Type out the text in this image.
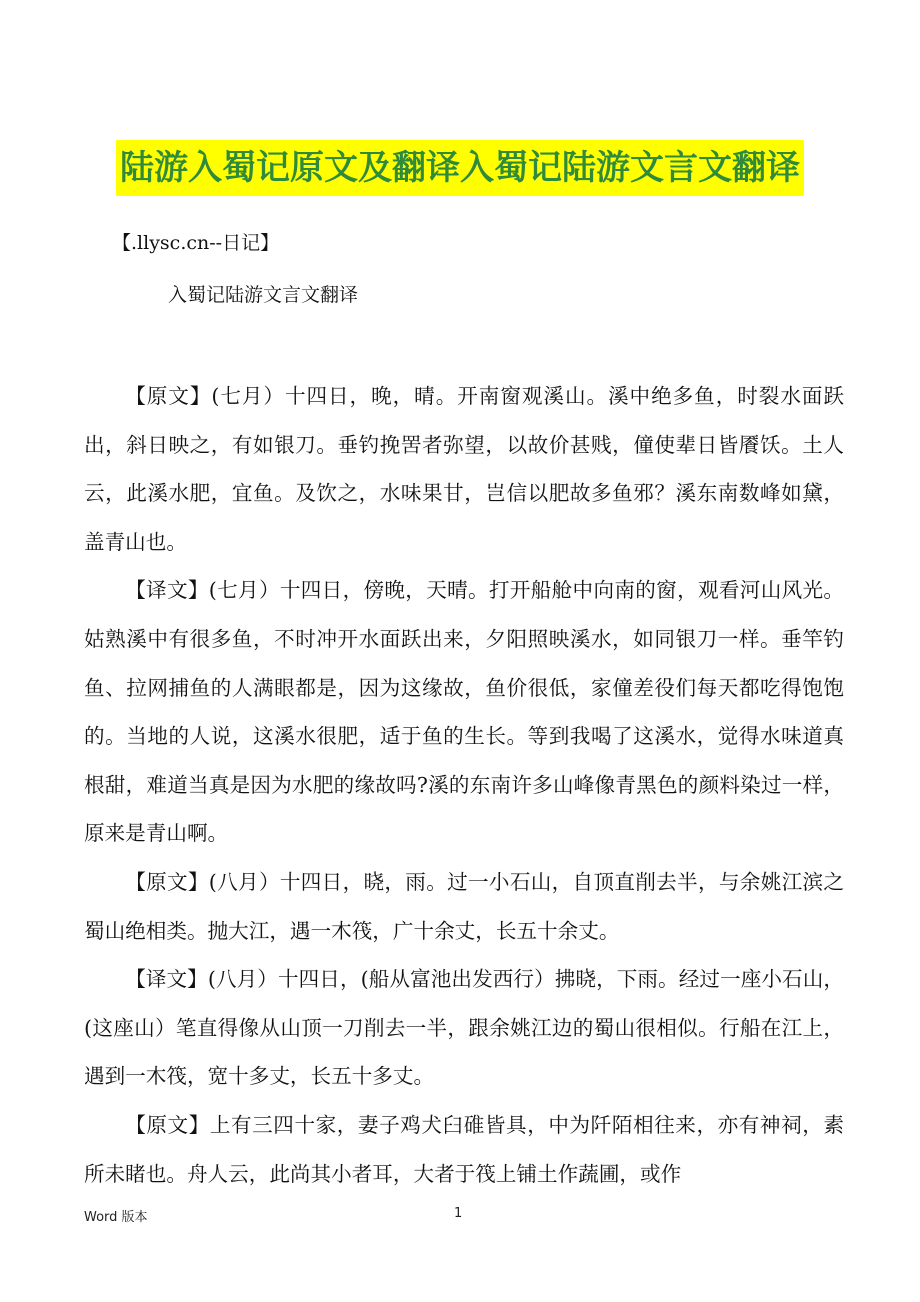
陆游入蜀记原文及翻译入蜀记陆游文言文翻译
【.llysc.cn--日记】
入蜀记陆游文言文翻译

【原文】(七月）十四日，晚，晴。开南窗观溪山。溪中绝多鱼，时裂水面跃出，斜日映之，有如银刀。垂钓挽罟者弥望，以故价甚贱，僮使辈日皆餍饫。土人云，此溪水肥，宜鱼。及饮之，水味果甘，岂信以肥故多鱼邪？溪东南数峰如黛，盖青山也。

【译文】(七月）十四日，傍晚，天晴。打开船舱中向南的窗，观看河山风光。姑熟溪中有很多鱼，不时冲开水面跃出来，夕阳照映溪水，如同银刀一样。垂竿钓鱼、拉网捕鱼的人满眼都是，因为这缘故，鱼价很低，家僮差役们每天都吃得饱饱的。当地的人说，这溪水很肥，适于鱼的生长。等到我喝了这溪水，觉得水味道真根甜，难道当真是因为水肥的缘故吗?溪的东南许多山峰像青黑色的颜料染过一样，原来是青山啊。

【原文】(八月）十四日，晓，雨。过一小石山，自顶直削去半，与余姚江滨之蜀山绝相类。抛大江，遇一木筏，广十余丈，长五十余丈。

【译文】(八月）十四日，(船从富池出发西行）拂晓，下雨。经过一座小石山，(这座山）笔直得像从山顶一刀削去一半，跟余姚江边的蜀山很相似。行船在江上，遇到一木筏，宽十多丈，长五十多丈。

【原文】上有三四十家，妻子鸡犬臼碓皆具，中为阡陌相往来，亦有神祠，素所未睹也。舟人云，此尚其小者耳，大者于筏上铺土作蔬圃，或作

Word 版本	1
